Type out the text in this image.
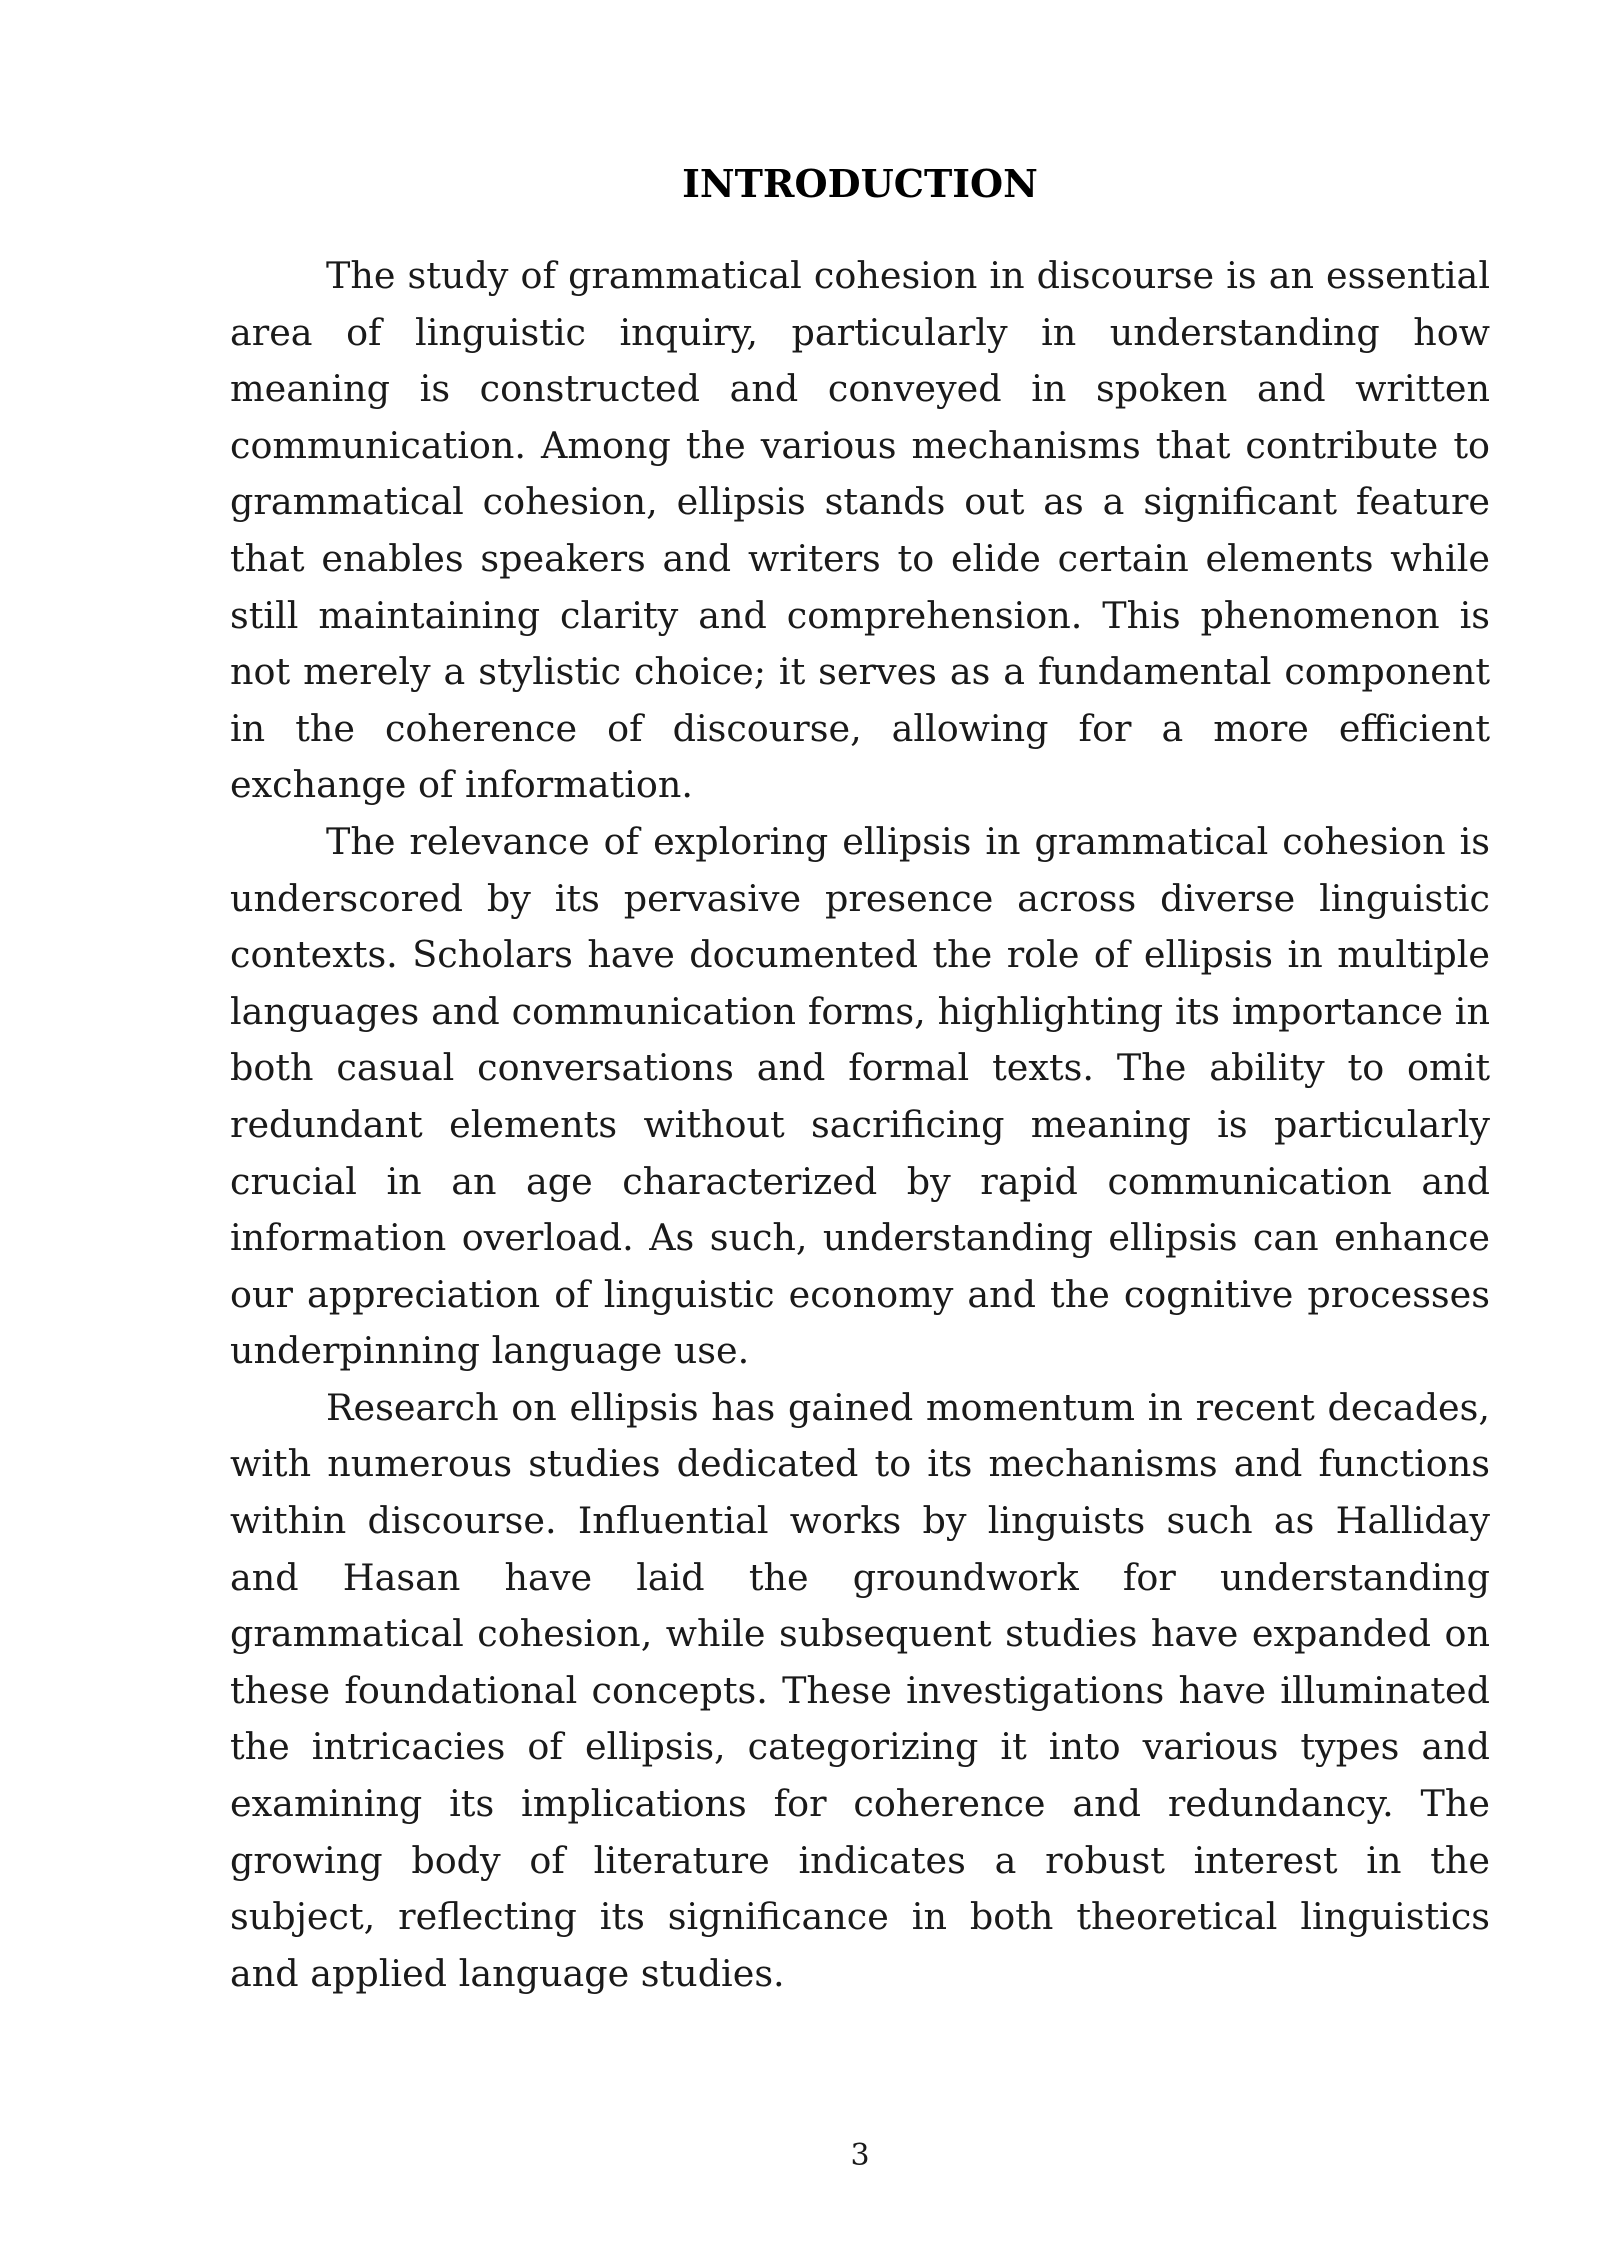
INTRODUCTION

The study of grammatical cohesion in discourse is an essential area of linguistic inquiry, particularly in understanding how meaning is constructed and conveyed in spoken and written communication. Among the various mechanisms that contribute to grammatical cohesion, ellipsis stands out as a significant feature that enables speakers and writers to elide certain elements while still maintaining clarity and comprehension. This phenomenon is not merely a stylistic choice; it serves as a fundamental component in the coherence of discourse, allowing for a more efficient exchange of information.

The relevance of exploring ellipsis in grammatical cohesion is underscored by its pervasive presence across diverse linguistic contexts. Scholars have documented the role of ellipsis in multiple languages and communication forms, highlighting its importance in both casual conversations and formal texts. The ability to omit redundant elements without sacrificing meaning is particularly crucial in an age characterized by rapid communication and information overload. As such, understanding ellipsis can enhance our appreciation of linguistic economy and the cognitive processes underpinning language use.

Research on ellipsis has gained momentum in recent decades, with numerous studies dedicated to its mechanisms and functions within discourse. Influential works by linguists such as Halliday and Hasan have laid the groundwork for understanding grammatical cohesion, while subsequent studies have expanded on these foundational concepts. These investigations have illuminated the intricacies of ellipsis, categorizing it into various types and examining its implications for coherence and redundancy. The growing body of literature indicates a robust interest in the subject, reflecting its significance in both theoretical linguistics and applied language studies.

3
